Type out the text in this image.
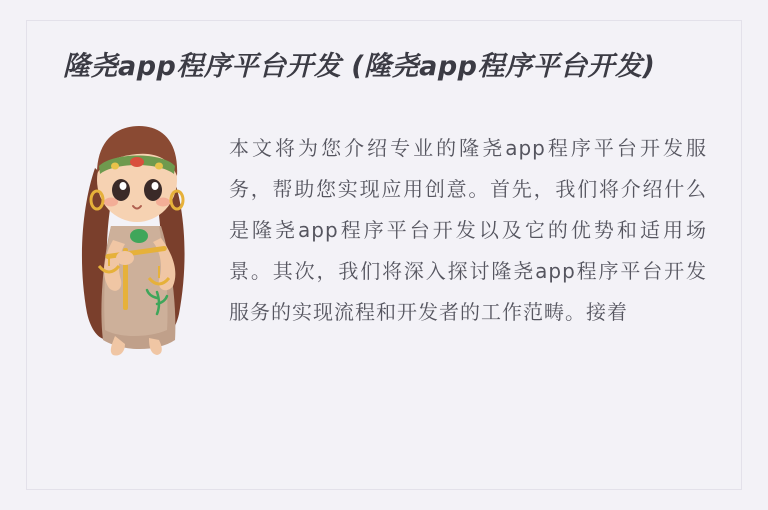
隆尧app程序平台开发 (隆尧app程序平台开发)

本文将为您介绍专业的隆尧app程序平台开发服务，帮助您实现应用创意。首先，我们将介绍什么是隆尧app程序平台开发以及它的优势和适用场景。其次，我们将深入探讨隆尧app程序平台开发服务的实现流程和开发者的工作范畴。接着
